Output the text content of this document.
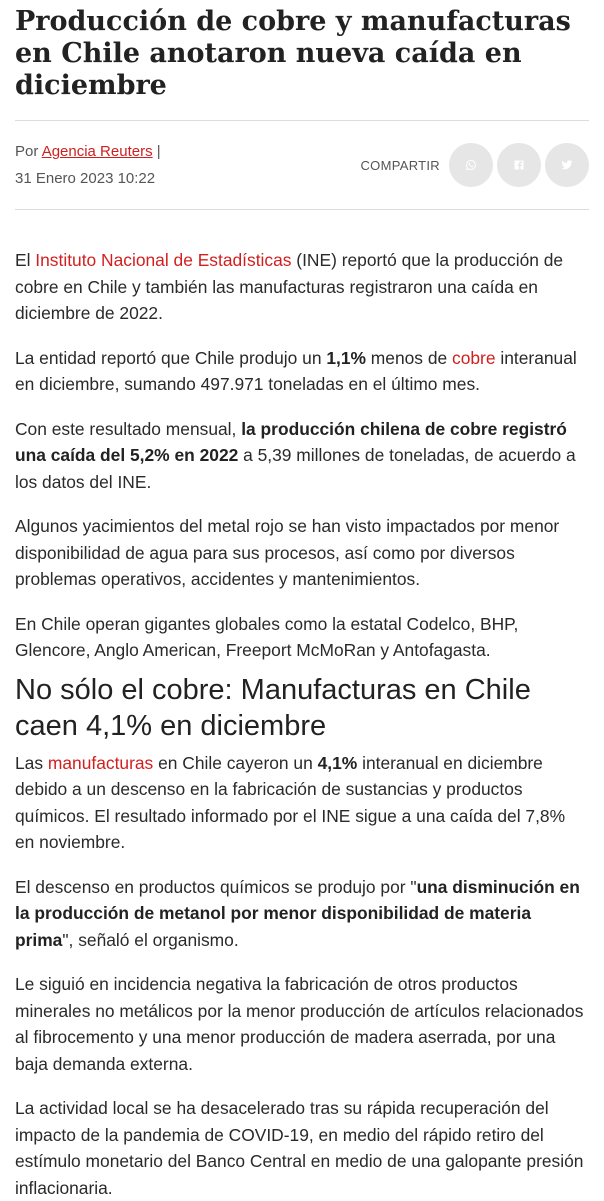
Producción de cobre y manufacturas en Chile anotaron nueva caída en diciembre
Por Agencia Reuters |
31 Enero 2023 10:22
COMPARTIR

El Instituto Nacional de Estadísticas (INE) reportó que la producción de cobre en Chile y también las manufacturas registraron una caída en diciembre de 2022.

La entidad reportó que Chile produjo un 1,1% menos de cobre interanual en diciembre, sumando 497.971 toneladas en el último mes.

Con este resultado mensual, la producción chilena de cobre registró una caída del 5,2% en 2022 a 5,39 millones de toneladas, de acuerdo a los datos del INE.

Algunos yacimientos del metal rojo se han visto impactados por menor disponibilidad de agua para sus procesos, así como por diversos problemas operativos, accidentes y mantenimientos.

En Chile operan gigantes globales como la estatal Codelco, BHP, Glencore, Anglo American, Freeport McMoRan y Antofagasta.

No sólo el cobre: Manufacturas en Chile caen 4,1% en diciembre

Las manufacturas en Chile cayeron un 4,1% interanual en diciembre debido a un descenso en la fabricación de sustancias y productos químicos. El resultado informado por el INE sigue a una caída del 7,8% en noviembre.

El descenso en productos químicos se produjo por "una disminución en la producción de metanol por menor disponibilidad de materia prima", señaló el organismo.

Le siguió en incidencia negativa la fabricación de otros productos minerales no metálicos por la menor producción de artículos relacionados al fibrocemento y una menor producción de madera aserrada, por una baja demanda externa.

La actividad local se ha desacelerado tras su rápida recuperación del impacto de la pandemia de COVID-19, en medio del rápido retiro del estímulo monetario del Banco Central en medio de una galopante presión inflacionaria.
